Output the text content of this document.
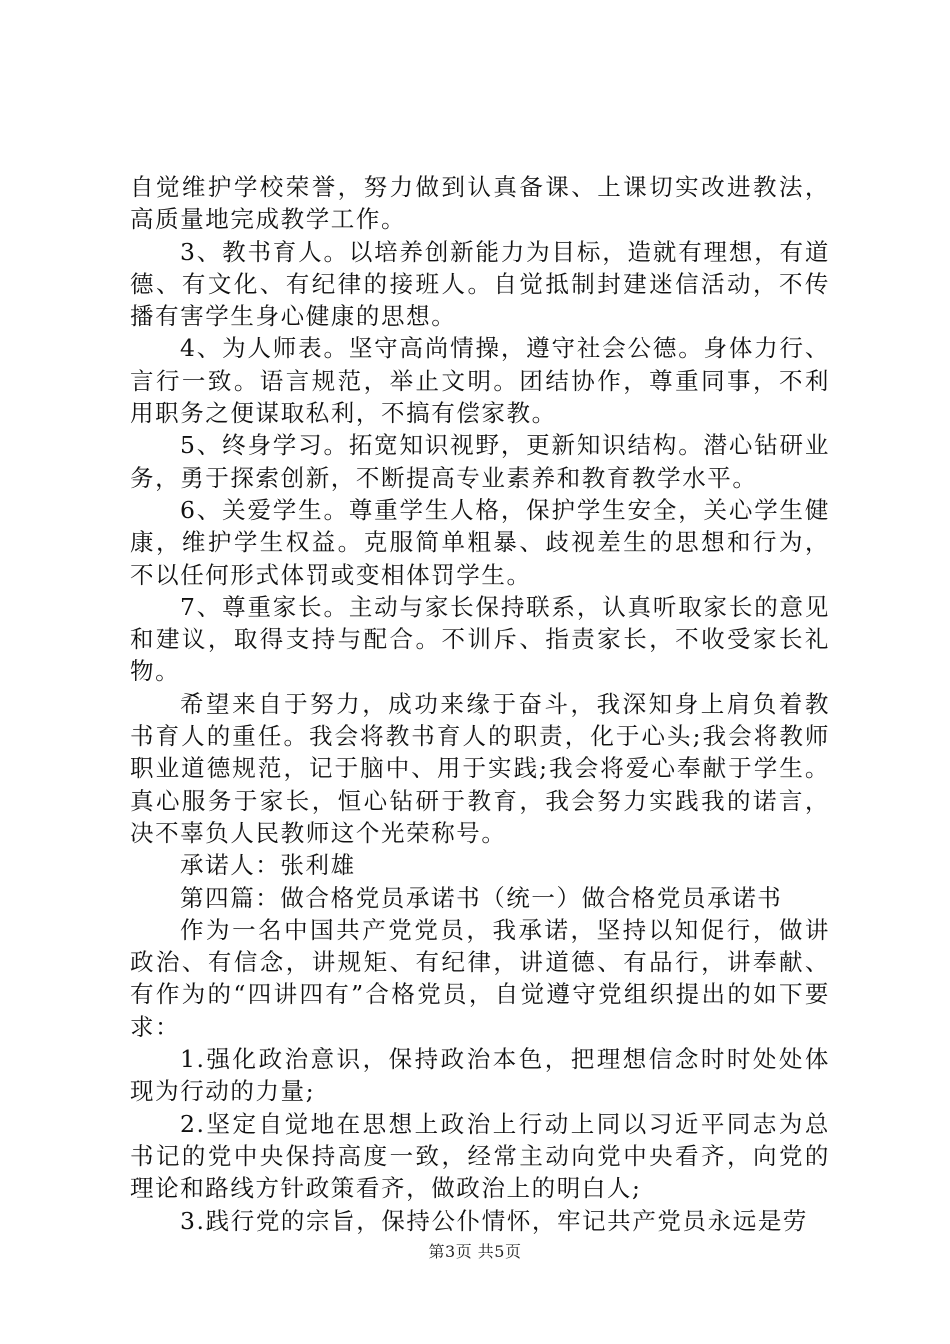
自觉维护学校荣誉，努力做到认真备课、上课切实改进教法，高质量地完成教学工作。

3、教书育人。以培养创新能力为目标，造就有理想，有道德、有文化、有纪律的接班人。自觉抵制封建迷信活动，不传播有害学生身心健康的思想。

4、为人师表。坚守高尚情操，遵守社会公德。身体力行、言行一致。语言规范，举止文明。团结协作，尊重同事，不利用职务之便谋取私利，不搞有偿家教。

5、终身学习。拓宽知识视野，更新知识结构。潜心钻研业务，勇于探索创新，不断提高专业素养和教育教学水平。

6、关爱学生。尊重学生人格，保护学生安全，关心学生健康，维护学生权益。克服简单粗暴、歧视差生的思想和行为，不以任何形式体罚或变相体罚学生。

7、尊重家长。主动与家长保持联系，认真听取家长的意见和建议，取得支持与配合。不训斥、指责家长，不收受家长礼物。

希望来自于努力，成功来缘于奋斗，我深知身上肩负着教书育人的重任。我会将教书育人的职责，化于心头;我会将教师职业道德规范，记于脑中、用于实践;我会将爱心奉献于学生。真心服务于家长，恒心钻研于教育，我会努力实践我的诺言，决不辜负人民教师这个光荣称号。

承诺人：张利雄

第四篇：做合格党员承诺书（统一）做合格党员承诺书

作为一名中国共产党党员，我承诺，坚持以知促行，做讲政治、有信念，讲规矩、有纪律，讲道德、有品行，讲奉献、有作为的“四讲四有”合格党员，自觉遵守党组织提出的如下要求：

1.强化政治意识，保持政治本色，把理想信念时时处处体现为行动的力量;

2.坚定自觉地在思想上政治上行动上同以习近平同志为总书记的党中央保持高度一致，经常主动向党中央看齐，向党的理论和路线方针政策看齐，做政治上的明白人;

3.践行党的宗旨，保持公仆情怀，牢记共产党员永远是劳

第3页 共5页
